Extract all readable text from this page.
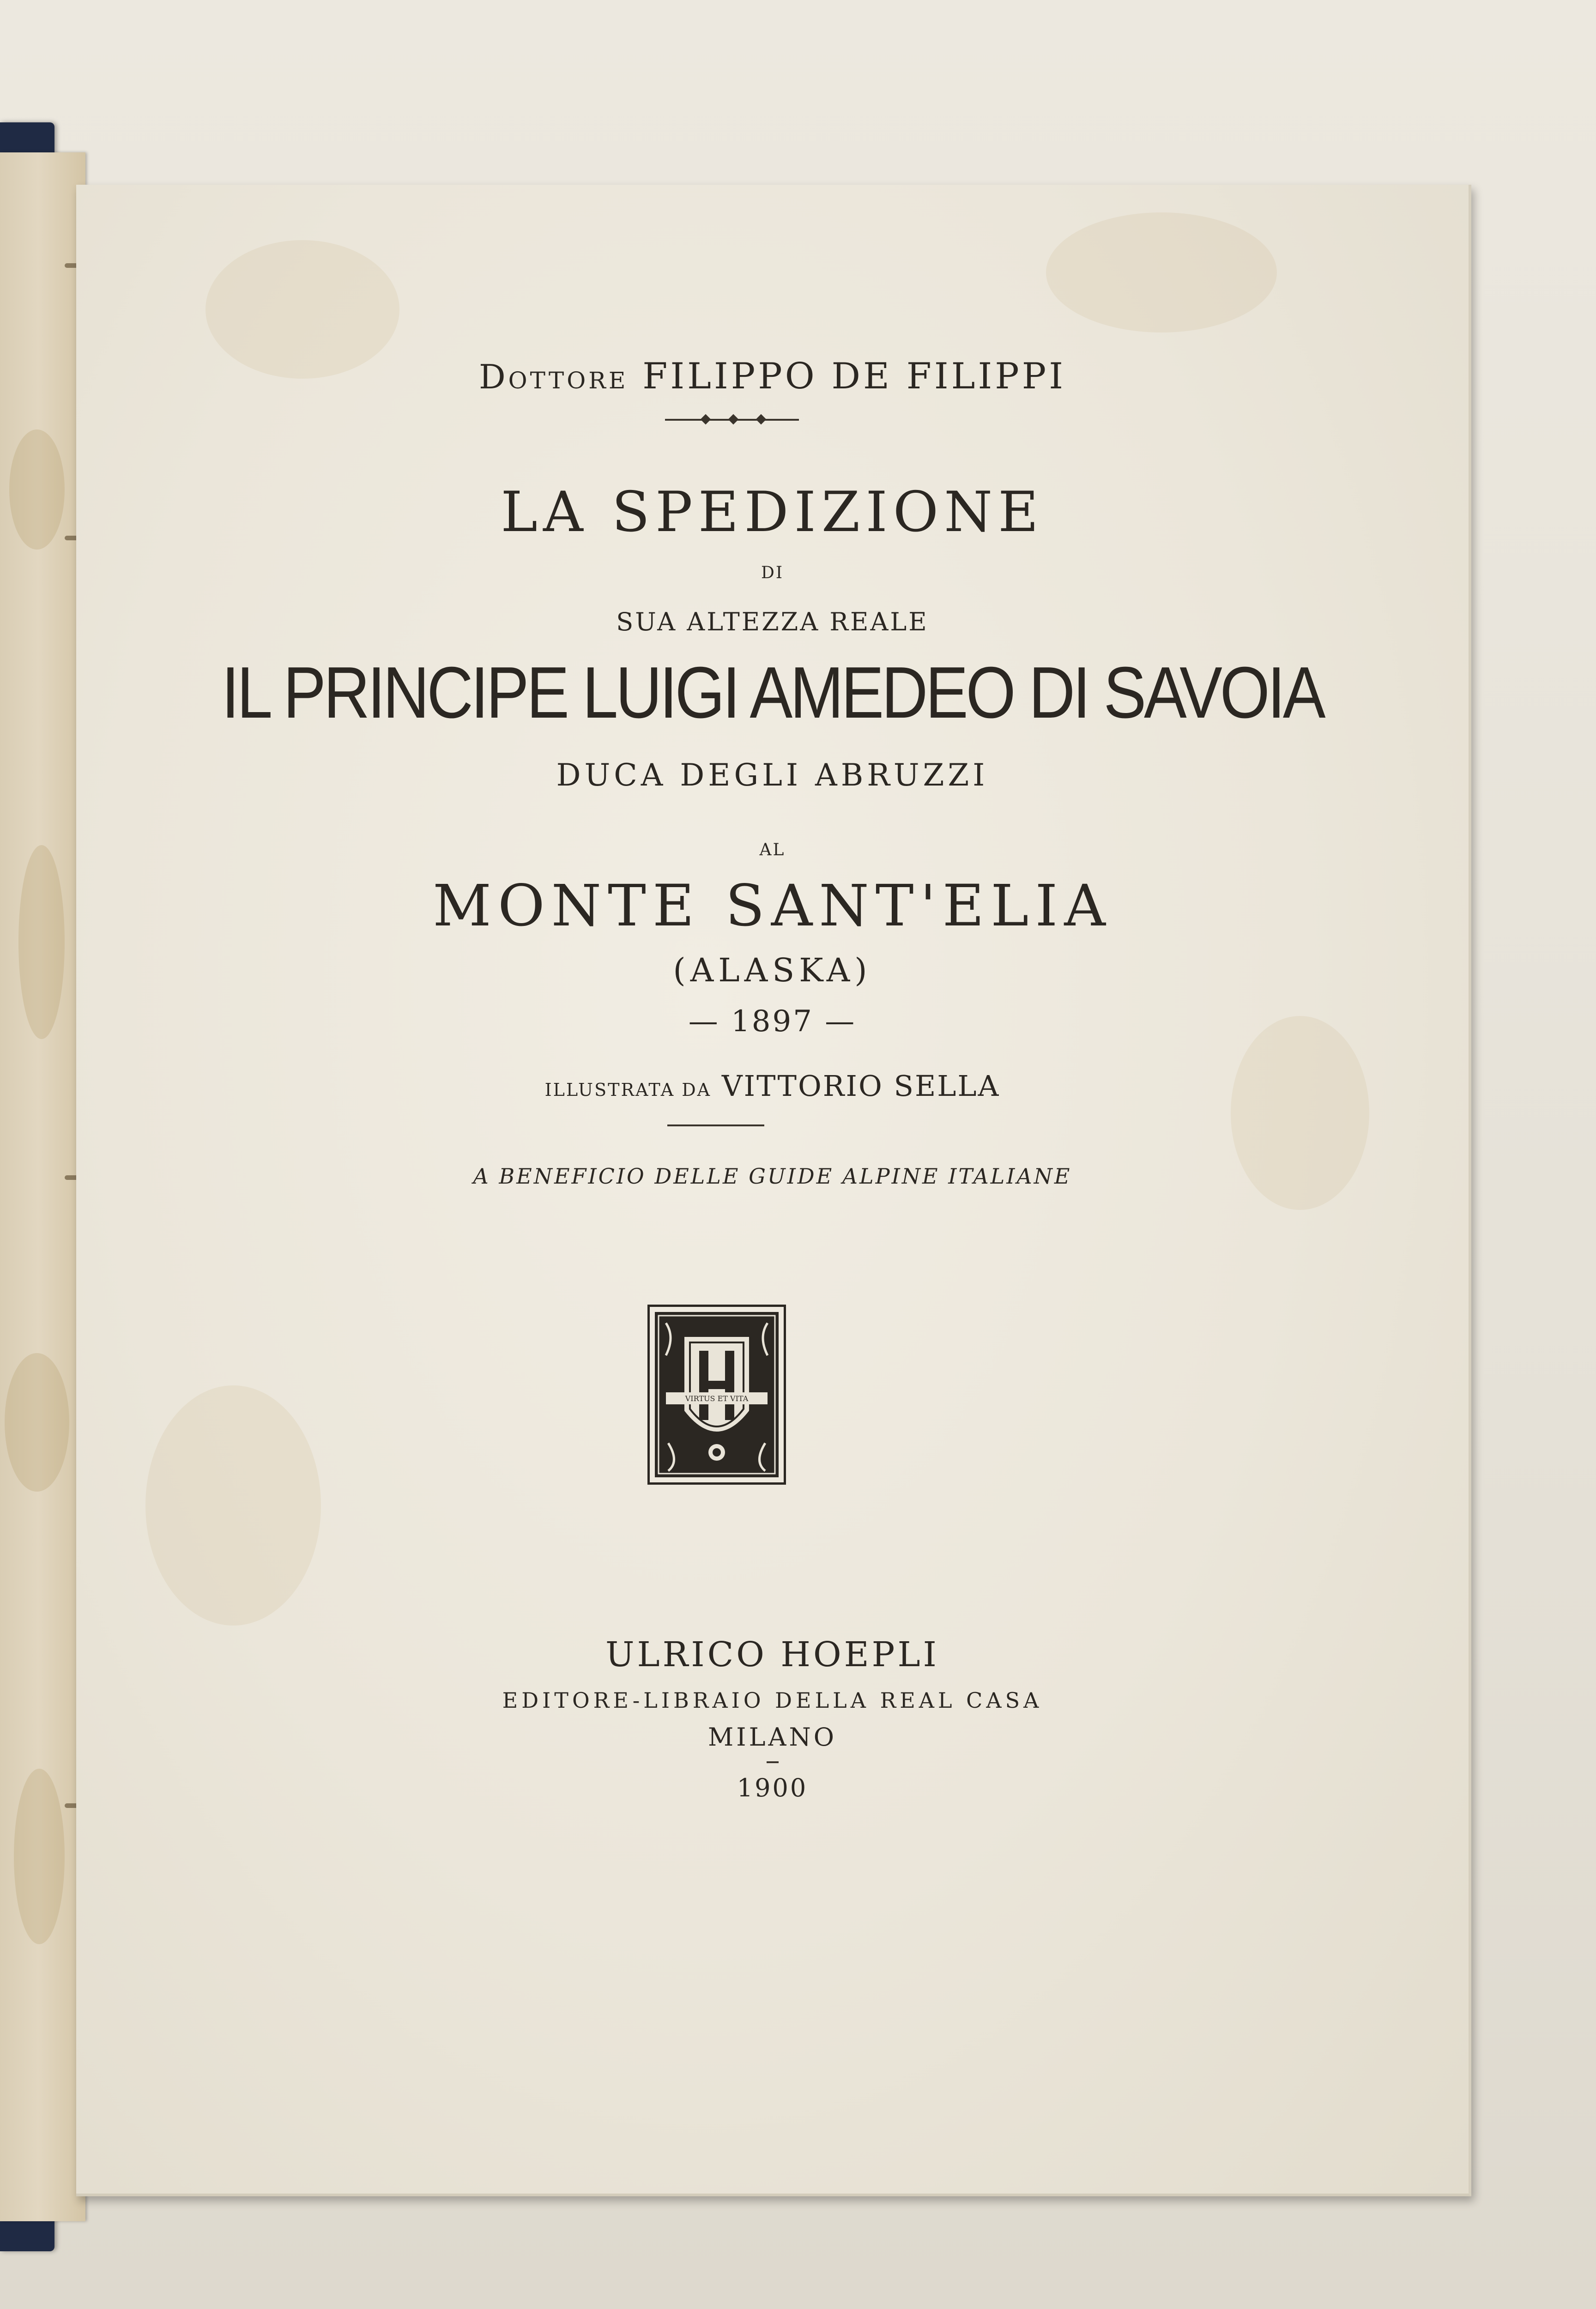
Dottore FILIPPO DE FILIPPI
LA SPEDIZIONE
DI
SUA ALTEZZA REALE
IL PRINCIPE LUIGI AMEDEO DI SAVOIA
DUCA DEGLI ABRUZZI
AL
MONTE SANT'ELIA
(ALASKA)
— 1897 —
ILLUSTRATA DA VITTORIO SELLA
A BENEFICIO DELLE GUIDE ALPINE ITALIANE
VIRTUS ET VITA
ULRICO HOEPLI
EDITORE-LIBRAIO DELLA REAL CASA
MILANO
1900
